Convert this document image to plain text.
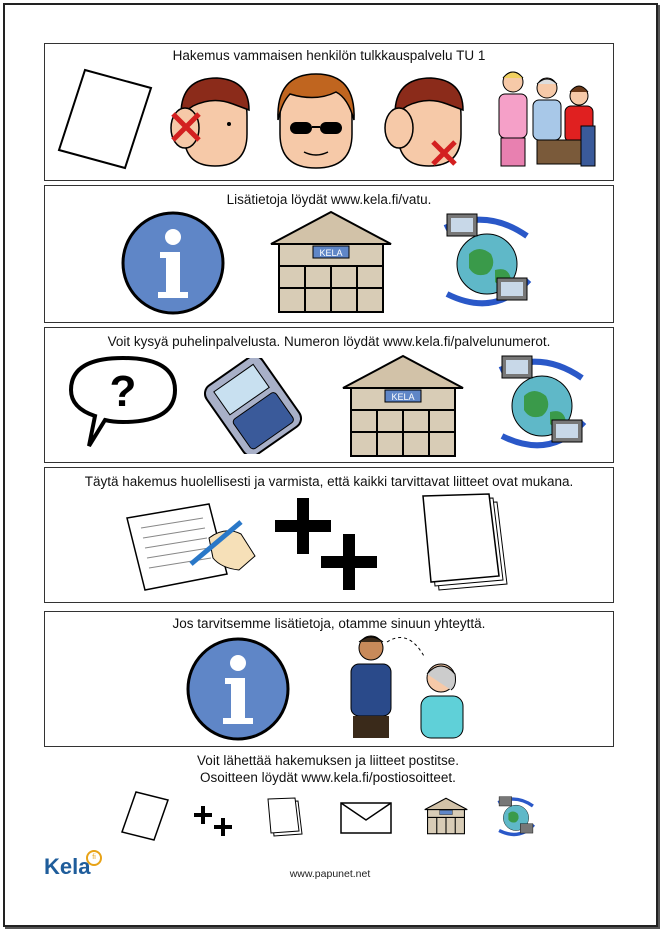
Hakemus vammaisen henkilön tulkkauspalvelu TU 1
Lisätietoja löydät www.kela.fi/vatu.
KELA
Voit kysyä puhelinpalvelusta. Numeron löydät www.kela.fi/palvelunumerot.
?	KELA
Täytä hakemus huolellisesti ja varmista, että kaikki tarvittavat liitteet ovat mukana.
Jos tarvitsemme lisätietoja, otamme sinuun yhteyttä.
Voit lähettää hakemuksen ja liitteet postitse.
Osoitteen löydät www.kela.fi/postiosoitteet.
Kela fi
www.papunet.net
